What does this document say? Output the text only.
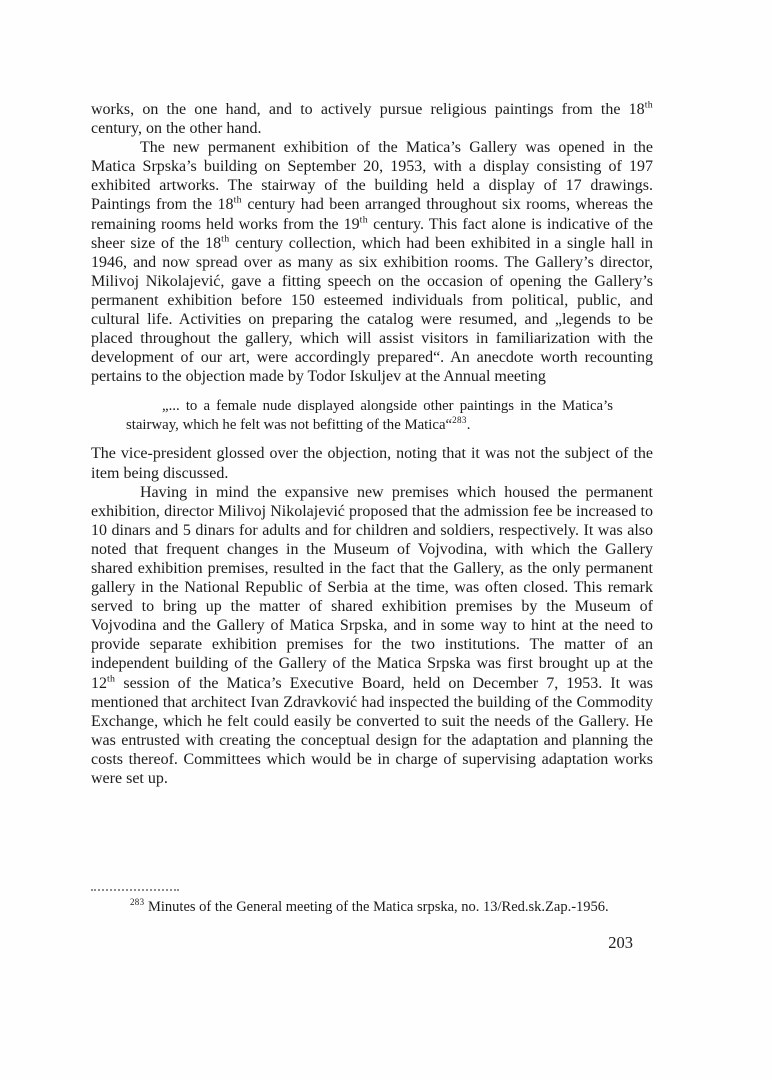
works, on the one hand, and to actively pursue religious paintings from the 18th century, on the other hand.

The new permanent exhibition of the Matica’s Gallery was opened in the Matica Srpska’s building on September 20, 1953, with a display consisting of 197 exhibited artworks. The stairway of the building held a display of 17 drawings. Paintings from the 18th century had been arranged throughout six rooms, whereas the remaining rooms held works from the 19th century. This fact alone is indicative of the sheer size of the 18th century collection, which had been exhibited in a single hall in 1946, and now spread over as many as six exhibition rooms. The Gallery’s director, Milivoj Nikolajević, gave a fitting speech on the occasion of opening the Gallery’s permanent exhibition before 150 esteemed individuals from political, public, and cultural life. Activities on preparing the catalog were resumed, and „legends to be placed throughout the gallery, which will assist visitors in familiarization with the development of our art, were accordingly prepared“. An anecdote worth recounting pertains to the objection made by Todor Iskuljev at the Annual meeting

„... to a female nude displayed alongside other paintings in the Matica’s stairway, which he felt was not befitting of the Matica“$^{283}$.

The vice-president glossed over the objection, noting that it was not the subject of the item being discussed.

Having in mind the expansive new premises which housed the permanent exhibition, director Milivoj Nikolajević proposed that the admission fee be increased to 10 dinars and 5 dinars for adults and for children and soldiers, respectively. It was also noted that frequent changes in the Museum of Vojvodina, with which the Gallery shared exhibition premises, resulted in the fact that the Gallery, as the only permanent gallery in the National Republic of Serbia at the time, was often closed. This remark served to bring up the matter of shared exhibition premises by the Museum of Vojvodina and the Gallery of Matica Srpska, and in some way to hint at the need to provide separate exhibition premises for the two institutions. The matter of an independent building of the Gallery of the Matica Srpska was first brought up at the 12th session of the Matica’s Executive Board, held on December 7, 1953. It was mentioned that architect Ivan Zdravković had inspected the building of the Commodity Exchange, which he felt could easily be converted to suit the needs of the Gallery. He was entrusted with creating the conceptual design for the adaptation and planning the costs thereof. Committees which would be in charge of supervising adaptation works were set up.

$^{283}$ Minutes of the General meeting of the Matica srpska, no. 13/Red.sk.Zap.-1956.

203
